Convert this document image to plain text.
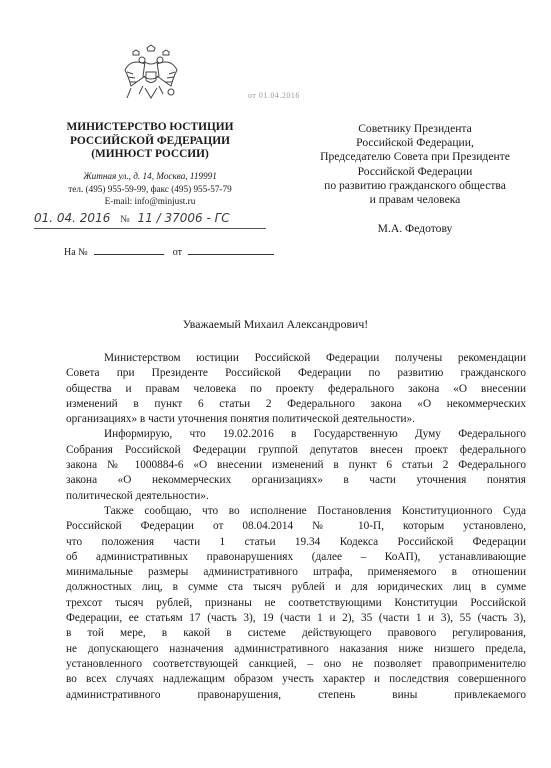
от 01.04.2016
МИНИСТЕРСТВО ЮСТИЦИИ
РОССИЙСКОЙ ФЕДЕРАЦИИ
(МИНЮСТ РОССИИ)
Житная ул., д. 14, Москва, 119991
тел. (495) 955-59-99, факс (495) 955-57-79
E-mail: info@minjust.ru
01. 04. 2016 № 11 / 37006 - ГС
На №	от
Советнику Президента
Российской Федерации,
Председателю Совета при Президенте
Российской Федерации
по развитию гражданского общества
и правам человека
М.А. Федотову
Уважаемый Михаил Александрович!
Министерством юстиции Российской Федерации получены рекомендации
Совета при Президенте Российской Федерации по развитию гражданского
общества и правам человека по проекту федерального закона «О внесении
изменений в пункт 6 статьи 2 Федерального закона «О некоммерческих
организациях» в части уточнения понятия политической деятельности».
Информирую, что 19.02.2016 в Государственную Думу Федерального
Собрания Российской Федерации группой депутатов внесен проект федерального
закона № 1000884-6 «О внесении изменений в пункт 6 статьи 2 Федерального
закона «О некоммерческих организациях» в части уточнения понятия
политической деятельности».
Также сообщаю, что во исполнение Постановления Конституционного Суда
Российской Федерации от 08.04.2014 № 10-П, которым установлено,
что положения части 1 статьи 19.34 Кодекса Российской Федерации
об административных правонарушениях (далее – КоАП), устанавливающие
минимальные размеры административного штрафа, применяемого в отношении
должностных лиц, в сумме ста тысяч рублей и для юридических лиц в сумме
трехсот тысяч рублей, признаны не соответствующими Конституции Российской
Федерации, ее статьям 17 (часть 3), 19 (части 1 и 2), 35 (части 1 и 3), 55 (часть 3),
в той мере, в какой в системе действующего правового регулирования,
не допускающего назначения административного наказания ниже низшего предела,
установленного соответствующей санкцией, – оно не позволяет правоприменителю
во всех случаях надлежащим образом учесть характер и последствия совершенного
административного правонарушения, степень вины привлекаемого
